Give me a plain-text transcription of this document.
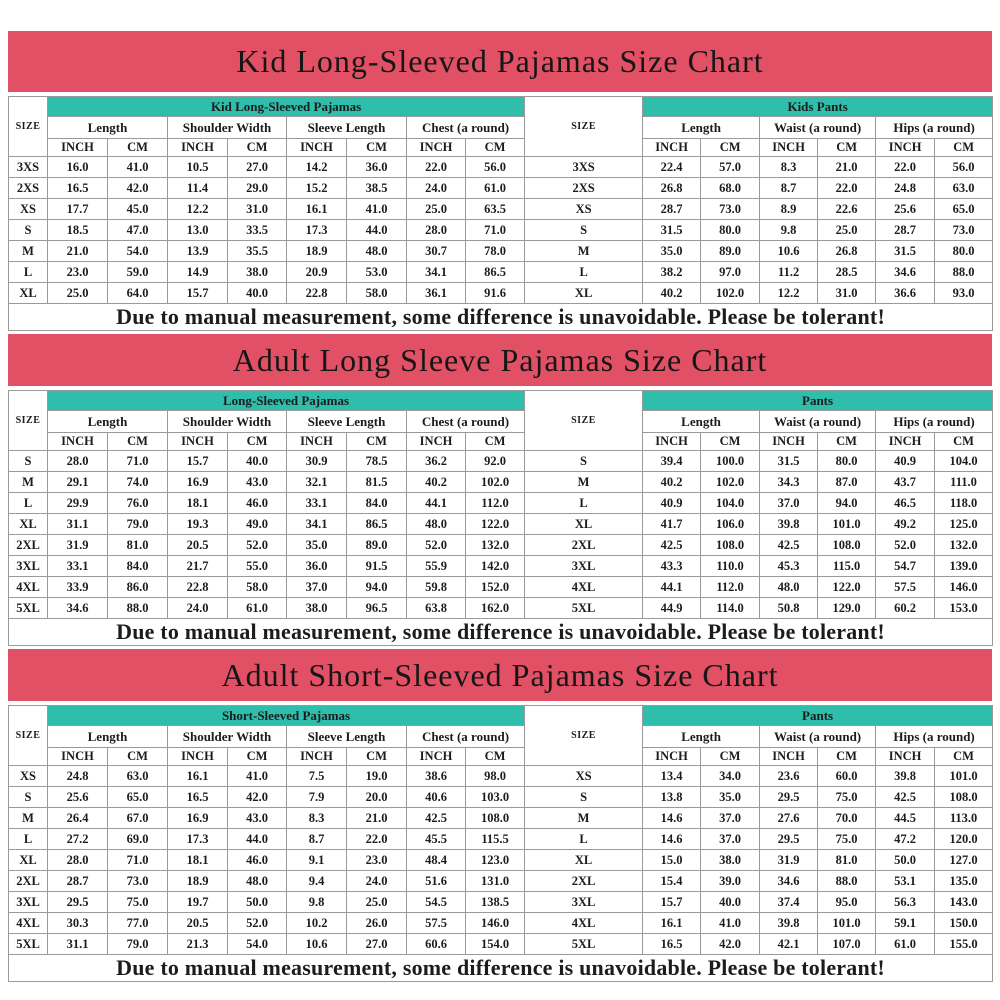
Kid Long-Sleeved Pajamas Size Chart
SIZE	Kid Long-Sleeved Pajamas								SIZE	Kids Pants					
	Length		Shoulder Width		Sleeve Length		Chest (a round)			Length		Waist (a round)		Hips (a round)	
	INCH	CM	INCH	CM	INCH	CM	INCH	CM		INCH	CM	INCH	CM	INCH	CM
3XS	16.0	41.0	10.5	27.0	14.2	36.0	22.0	56.0	3XS	22.4	57.0	8.3	21.0	22.0	56.0
2XS	16.5	42.0	11.4	29.0	15.2	38.5	24.0	61.0	2XS	26.8	68.0	8.7	22.0	24.8	63.0
XS	17.7	45.0	12.2	31.0	16.1	41.0	25.0	63.5	XS	28.7	73.0	8.9	22.6	25.6	65.0
S	18.5	47.0	13.0	33.5	17.3	44.0	28.0	71.0	S	31.5	80.0	9.8	25.0	28.7	73.0
M	21.0	54.0	13.9	35.5	18.9	48.0	30.7	78.0	M	35.0	89.0	10.6	26.8	31.5	80.0
L	23.0	59.0	14.9	38.0	20.9	53.0	34.1	86.5	L	38.2	97.0	11.2	28.5	34.6	88.0
XL	25.0	64.0	15.7	40.0	22.8	58.0	36.1	91.6	XL	40.2	102.0	12.2	31.0	36.6	93.0
Due to manual measurement, some difference is unavoidable. Please be tolerant!															
Adult Long Sleeve Pajamas Size Chart
SIZE	Long-Sleeved Pajamas								SIZE	Pants					
	Length		Shoulder Width		Sleeve Length		Chest (a round)			Length		Waist (a round)		Hips (a round)	
	INCH	CM	INCH	CM	INCH	CM	INCH	CM		INCH	CM	INCH	CM	INCH	CM
S	28.0	71.0	15.7	40.0	30.9	78.5	36.2	92.0	S	39.4	100.0	31.5	80.0	40.9	104.0
M	29.1	74.0	16.9	43.0	32.1	81.5	40.2	102.0	M	40.2	102.0	34.3	87.0	43.7	111.0
L	29.9	76.0	18.1	46.0	33.1	84.0	44.1	112.0	L	40.9	104.0	37.0	94.0	46.5	118.0
XL	31.1	79.0	19.3	49.0	34.1	86.5	48.0	122.0	XL	41.7	106.0	39.8	101.0	49.2	125.0
2XL	31.9	81.0	20.5	52.0	35.0	89.0	52.0	132.0	2XL	42.5	108.0	42.5	108.0	52.0	132.0
3XL	33.1	84.0	21.7	55.0	36.0	91.5	55.9	142.0	3XL	43.3	110.0	45.3	115.0	54.7	139.0
4XL	33.9	86.0	22.8	58.0	37.0	94.0	59.8	152.0	4XL	44.1	112.0	48.0	122.0	57.5	146.0
5XL	34.6	88.0	24.0	61.0	38.0	96.5	63.8	162.0	5XL	44.9	114.0	50.8	129.0	60.2	153.0
Due to manual measurement, some difference is unavoidable. Please be tolerant!															
Adult Short-Sleeved Pajamas Size Chart
SIZE	Short-Sleeved Pajamas								SIZE	Pants					
	Length		Shoulder Width		Sleeve Length		Chest (a round)			Length		Waist (a round)		Hips (a round)	
	INCH	CM	INCH	CM	INCH	CM	INCH	CM		INCH	CM	INCH	CM	INCH	CM
XS	24.8	63.0	16.1	41.0	7.5	19.0	38.6	98.0	XS	13.4	34.0	23.6	60.0	39.8	101.0
S	25.6	65.0	16.5	42.0	7.9	20.0	40.6	103.0	S	13.8	35.0	29.5	75.0	42.5	108.0
M	26.4	67.0	16.9	43.0	8.3	21.0	42.5	108.0	M	14.6	37.0	27.6	70.0	44.5	113.0
L	27.2	69.0	17.3	44.0	8.7	22.0	45.5	115.5	L	14.6	37.0	29.5	75.0	47.2	120.0
XL	28.0	71.0	18.1	46.0	9.1	23.0	48.4	123.0	XL	15.0	38.0	31.9	81.0	50.0	127.0
2XL	28.7	73.0	18.9	48.0	9.4	24.0	51.6	131.0	2XL	15.4	39.0	34.6	88.0	53.1	135.0
3XL	29.5	75.0	19.7	50.0	9.8	25.0	54.5	138.5	3XL	15.7	40.0	37.4	95.0	56.3	143.0
4XL	30.3	77.0	20.5	52.0	10.2	26.0	57.5	146.0	4XL	16.1	41.0	39.8	101.0	59.1	150.0
5XL	31.1	79.0	21.3	54.0	10.6	27.0	60.6	154.0	5XL	16.5	42.0	42.1	107.0	61.0	155.0
Due to manual measurement, some difference is unavoidable. Please be tolerant!															
